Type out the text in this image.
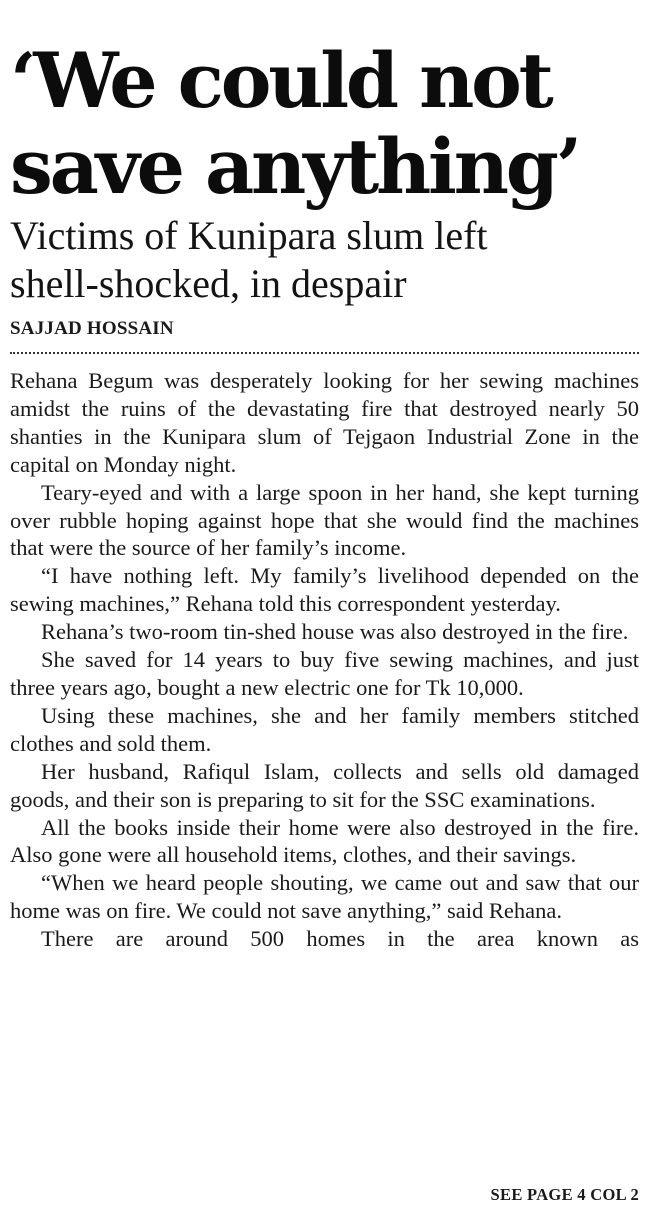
‘We could not
save anything’
Victims of Kunipara slum left
shell-shocked, in despair
SAJJAD HOSSAIN

Rehana Begum was desperately looking for her sewing machines amidst the ruins of the devastating fire that destroyed nearly 50 shanties in the Kunipara slum of Tejgaon Industrial Zone in the capital on Monday night.

Teary-eyed and with a large spoon in her hand, she kept turning over rubble hoping against hope that she would find the machines that were the source of her family’s income.

“I have nothing left. My family’s livelihood depended on the sewing machines,” Rehana told this correspondent yesterday.

Rehana’s two-room tin-shed house was also destroyed in the fire.

She saved for 14 years to buy five sewing machines, and just three years ago, bought a new electric one for Tk 10,000.

Using these machines, she and her family members stitched clothes and sold them.

Her husband, Rafiqul Islam, collects and sells old damaged goods, and their son is preparing to sit for the SSC examinations.

All the books inside their home were also destroyed in the fire. Also gone were all household items, clothes, and their savings.

“When we heard people shouting, we came out and saw that our home was on fire. We could not save anything,” said Rehana.

There are around 500 homes in the area known as

SEE PAGE 4 COL 2
